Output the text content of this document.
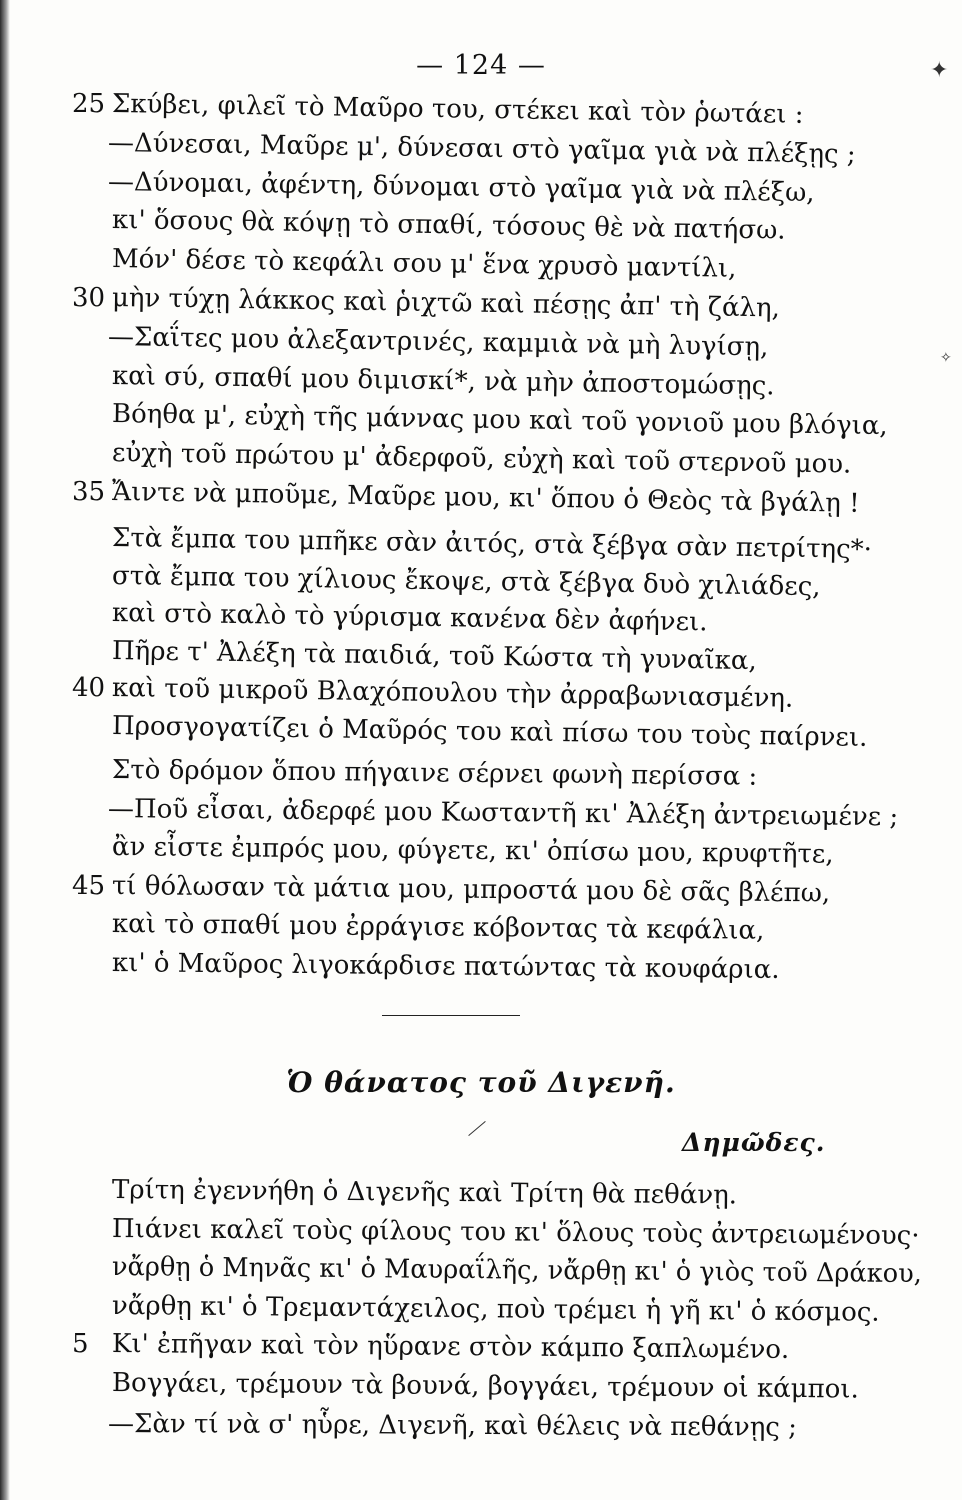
— 124 —
25 Σκύβει, φιλεῖ τὸ Μαῦρο του, στέκει καὶ τὸν ῥωτάει :
—Δύνεσαι, Μαῦρε μ', δύνεσαι στὸ γαῖμα γιὰ νὰ πλέξῃς ;
—Δύνομαι, ἀφέντη, δύνομαι στὸ γαῖμα γιὰ νὰ πλέξω,
κι' ὅσους θὰ κόψῃ τὸ σπαθί, τόσους θὲ νὰ πατήσω.
Μόν' δέσε τὸ κεφάλι σου μ' ἕνα χρυσὸ μαντίλι,
30 μὴν τύχῃ λάκκος καὶ ῥιχτῶ καὶ πέσῃς ἀπ' τὴ ζάλη,
—Σαΐτες μου ἀλεξαντρινές, καμμιὰ νὰ μὴ λυγίσῃ,
καὶ σύ, σπαθί μου διμισκί*, νὰ μὴν ἀποστομώσῃς.
Βόηθα μ', εὐχὴ τῆς μάννας μου καὶ τοῦ γονιοῦ μου βλόγια,
εὐχὴ τοῦ πρώτου μ' ἀδερφοῦ, εὐχὴ καὶ τοῦ στερνοῦ μου.
35 Ἄιντε νὰ μποῦμε, Μαῦρε μου, κι' ὅπου ὁ Θεὸς τὰ βγάλῃ !
Στὰ ἔμπα του μπῆκε σὰν ἀιτός, στὰ ξέβγα σὰν πετρίτης*·
στὰ ἔμπα του χίλιους ἔκοψε, στὰ ξέβγα δυὸ χιλιάδες,
καὶ στὸ καλὸ τὸ γύρισμα κανένα δὲν ἀφήνει.
Πῆρε τ' Ἀλέξη τὰ παιδιά, τοῦ Κώστα τὴ γυναῖκα,
40 καὶ τοῦ μικροῦ Βλαχόπουλου τὴν ἀρραβωνιασμένη.
Προσγογατίζει ὁ Μαῦρός του καὶ πίσω του τοὺς παίρνει.
Στὸ δρόμον ὅπου πήγαινε σέρνει φωνὴ περίσσα :
—Ποῦ εἶσαι, ἀδερφέ μου Κωσταντῆ κι' Ἀλέξη ἀντρειωμένε ;
ἂν εἶστε ἐμπρός μου, φύγετε, κι' ὀπίσω μου, κρυφτῆτε,
45 τί θόλωσαν τὰ μάτια μου, μπροστά μου δὲ σᾶς βλέπω,
καὶ τὸ σπαθί μου ἐρράγισε κόβοντας τὰ κεφάλια,
κι' ὁ Μαῦρος λιγοκάρδισε πατώντας τὰ κουφάρια.
Ὁ θάνατος τοῦ Διγενῆ.
Δημῶδες.
Τρίτη ἐγεννήθη ὁ Διγενῆς καὶ Τρίτη θὰ πεθάνῃ.
Πιάνει καλεῖ τοὺς φίλους του κι' ὅλους τοὺς ἀντρειωμένους·
νἄρθῃ ὁ Μηνᾶς κι' ὁ Μαυραΐλῆς, νἄρθῃ κι' ὁ γιὸς τοῦ Δράκου,
νἄρθῃ κι' ὁ Τρεμαντάχειλος, ποὺ τρέμει ἡ γῆ κι' ὁ κόσμος.
5 Κι' ἐπῆγαν καὶ τὸν ηὕρανε στὸν κάμπο ξαπλωμένο.
Βογγάει, τρέμουν τὰ βουνά, βογγάει, τρέμουν οἱ κάμποι.
—Σὰν τί νὰ σ' ηὗρε, Διγενῆ, καὶ θέλεις νὰ πεθάνῃς ;
✦
✧
